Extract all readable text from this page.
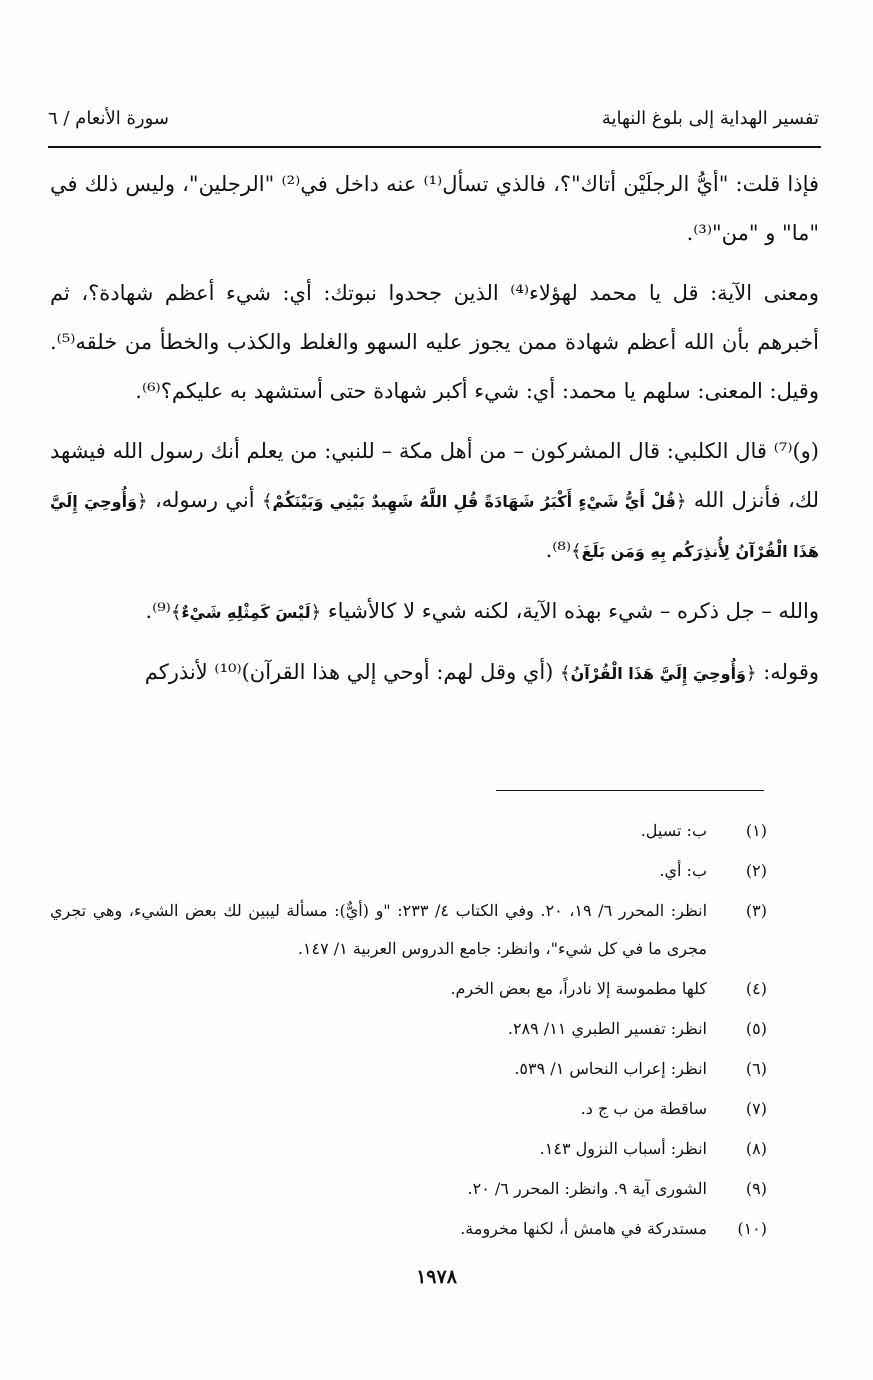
تفسير الهداية إلى بلوغ النهاية
سورة الأنعام / ٦

فإذا قلت: "أيُّ الرجلَيْن أتاك"؟، فالذي تسأل⁽¹⁾ عنه داخل في⁽²⁾ "الرجلين"، وليس ذلك في "ما" و "من"⁽³⁾.

ومعنى الآية: قل يا محمد لهؤلاء⁽⁴⁾ الذين جحدوا نبوتك: أي: شيء أعظم شهادة؟، ثم أخبرهم بأن الله أعظم شهادة ممن يجوز عليه السهو والغلط والكذب والخطأ من خلقه⁽⁵⁾. وقيل: المعنى: سلهم يا محمد: أي: شيء أكبر شهادة حتى أستشهد به عليكم؟⁽⁶⁾.

(و)⁽⁷⁾ قال الكلبي: قال المشركون – من أهل مكة – للنبي: من يعلم أنك رسول الله فيشهد لك، فأنزل الله ﴿قُلْ أَيُّ شَيْءٍ أَكْبَرُ شَهَادَةً قُلِ اللَّهُ شَهِيدٌ بَيْنِي وَبَيْنَكُمْ﴾ أني رسوله، ﴿وَأُوحِيَ إِلَيَّ هَذَا الْقُرْآنُ لِأُنذِرَكُم بِهِ وَمَن بَلَغَ﴾⁽⁸⁾.

والله – جل ذكره – شيء بهذه الآية، لكنه شيء لا كالأشياء ﴿لَيْسَ كَمِثْلِهِ شَيْءٌ﴾⁽⁹⁾.

وقوله: ﴿وَأُوحِيَ إِلَيَّ هَذَا الْقُرْآنُ﴾ (أي وقل لهم: أوحي إلي هذا القرآن)⁽¹⁰⁾ لأنذركم

(١)
ب: تسيل.
(٢)
ب: أي.
(٣)
انظر: المحرر ٦/ ١٩، ٢٠. وفي الكتاب ٤/ ٢٣٣: "و (أيٌّ): مسألة ليبين لك بعض الشيء، وهي تجري مجرى ما في كل شيء"، وانظر: جامع الدروس العربية ١/ ١٤٧.
(٤)
كلها مطموسة إلا نادراً، مع بعض الخرم.
(٥)
انظر: تفسير الطبري ١١/ ٢٨٩.
(٦)
انظر: إعراب النحاس ١/ ٥٣٩.
(٧)
ساقطة من ب ج د.
(٨)
انظر: أسباب النزول ١٤٣.
(٩)
الشورى آية ٩. وانظر: المحرر ٦/ ٢٠.
(١٠)
مستدركة في هامش أ، لكنها مخرومة.
١٩٧٨
